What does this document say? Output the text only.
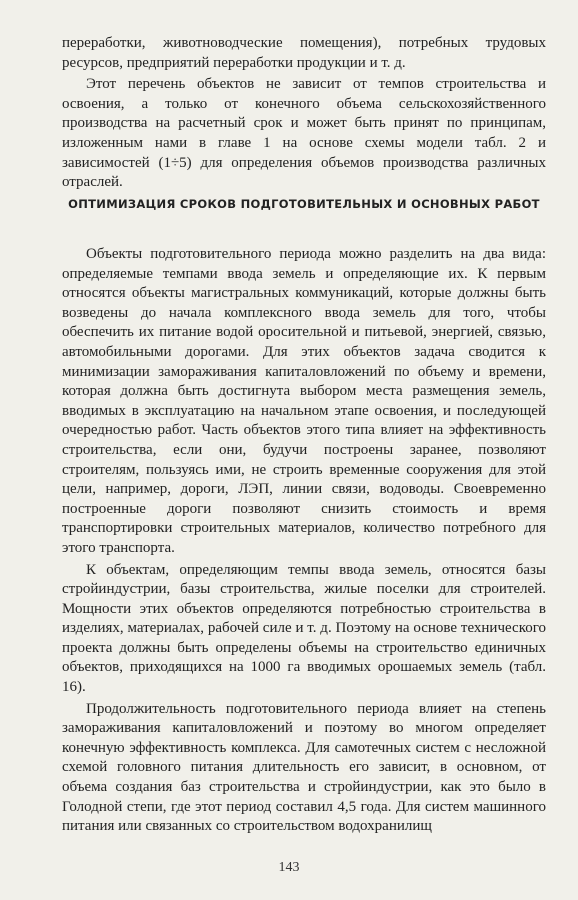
переработки, животноводческие помещения), потребных трудовых ресурсов, предприятий переработки продукции и т. д.

Этот перечень объектов не зависит от темпов строительства и освоения, а только от конечного объема сельскохозяйственного производства на расчетный срок и может быть принят по принципам, изложенным нами в главе 1 на основе схемы модели табл. 2 и зависимостей (1÷5) для определения объемов производства различных отраслей.

ОПТИМИЗАЦИЯ СРОКОВ ПОДГОТОВИТЕЛЬНЫХ И ОСНОВНЫХ РАБОТ

Объекты подготовительного периода можно разделить на два вида: определяемые темпами ввода земель и определяющие их. К первым относятся объекты магистральных коммуникаций, которые должны быть возведены до начала комплексного ввода земель для того, чтобы обеспечить их питание водой оросительной и питьевой, энергией, связью, автомобильными дорогами. Для этих объектов задача сводится к минимизации замораживания капиталовложений по объему и времени, которая должна быть достигнута выбором места размещения земель, вводимых в эксплуатацию на начальном этапе освоения, и последующей очередностью работ. Часть объектов этого типа влияет на эффективность строительства, если они, будучи построены заранее, позволяют строителям, пользуясь ими, не строить временные сооружения для этой цели, например, дороги, ЛЭП, линии связи, водоводы. Своевременно построенные дороги позволяют снизить стоимость и время транспортировки строительных материалов, количество потребного для этого транспорта.

К объектам, определяющим темпы ввода земель, относятся базы стройиндустрии, базы строительства, жилые поселки для строителей. Мощности этих объектов определяются потребностью строительства в изделиях, материалах, рабочей силе и т. д. Поэтому на основе технического проекта должны быть определены объемы на строительство единичных объектов, приходящихся на 1000 га вводимых орошаемых земель (табл. 16).

Продолжительность подготовительного периода влияет на степень замораживания капиталовложений и поэтому во многом определяет конечную эффективность комплекса. Для самотечных систем с несложной схемой головного питания длительность его зависит, в основном, от объема создания баз строительства и стройиндустрии, как это было в Голодной степи, где этот период составил 4,5 года. Для систем машинного питания или связанных со строительством водохранилищ

143
